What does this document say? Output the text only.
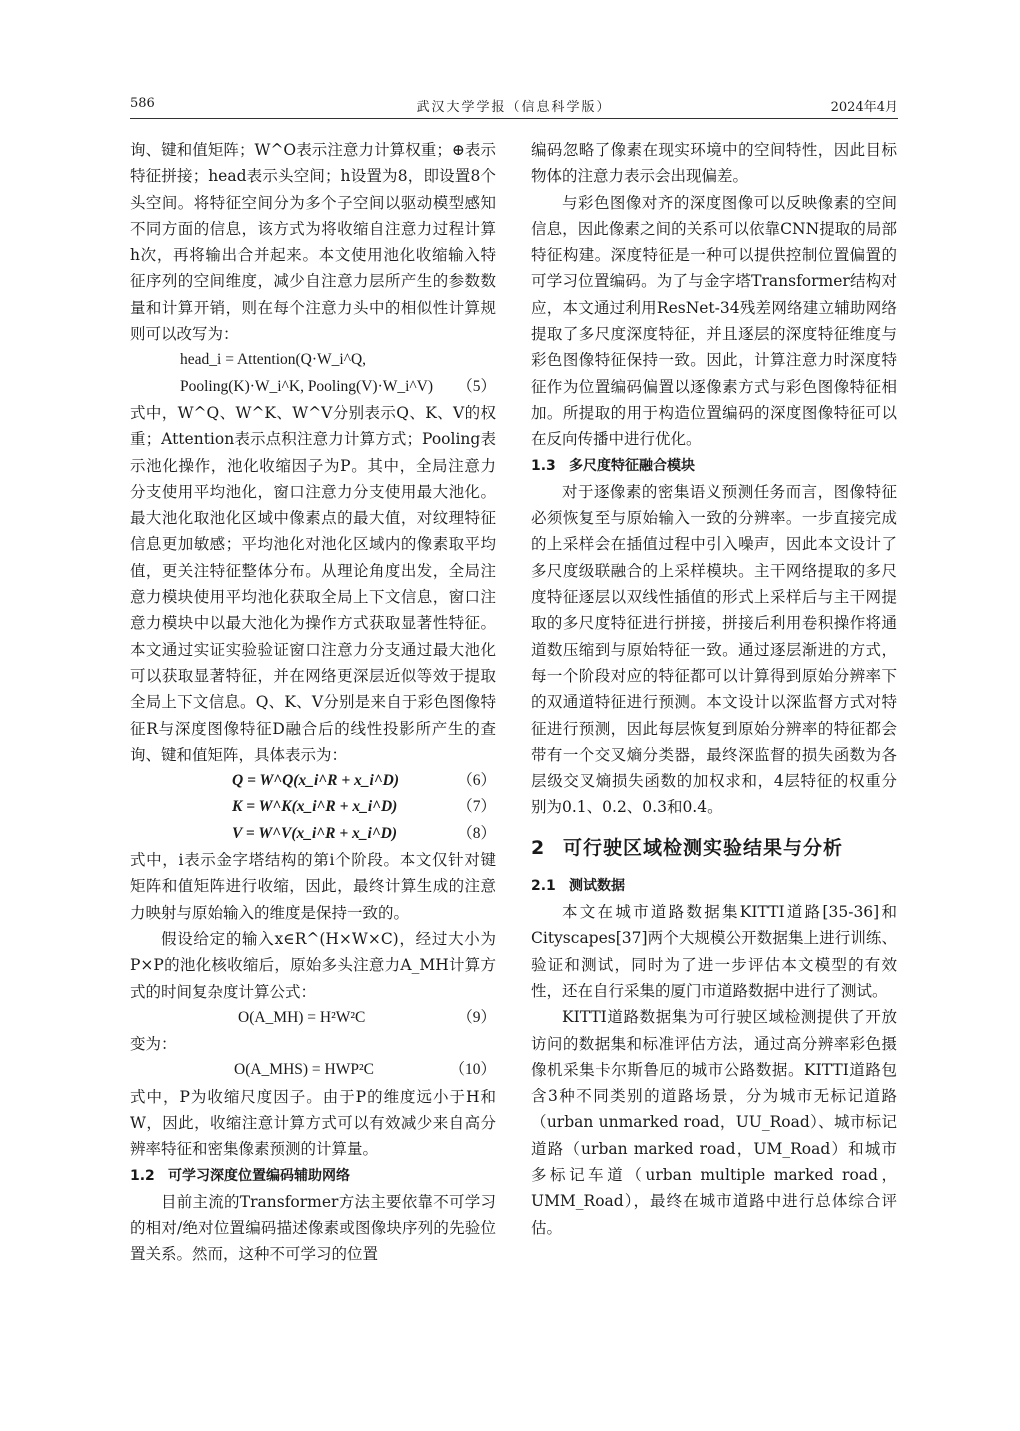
586	武汉大学学报（信息科学版）	2024年4月

询、键和值矩阵；W^O表示注意力计算权重；⊕表示特征拼接；head表示头空间；h设置为8，即设置8个头空间。将特征空间分为多个子空间以驱动模型感知不同方面的信息，该方式为将收缩自注意力过程计算h次，再将输出合并起来。本文使用池化收缩输入特征序列的空间维度，减少自注意力层所产生的参数数量和计算开销，则在每个注意力头中的相似性计算规则可以改写为：

head_i = Attention(Q·W_i^Q,
Pooling(K)·W_i^K, Pooling(V)·W_i^V) （5）

式中，W^Q、W^K、W^V分别表示Q、K、V的权重；Attention表示点积注意力计算方式；Pooling表示池化操作，池化收缩因子为P。其中，全局注意力分支使用平均池化，窗口注意力分支使用最大池化。最大池化取池化区域中像素点的最大值，对纹理特征信息更加敏感；平均池化对池化区域内的像素取平均值，更关注特征整体分布。从理论角度出发，全局注意力模块使用平均池化获取全局上下文信息，窗口注意力模块中以最大池化为操作方式获取显著性特征。本文通过实证实验验证窗口注意力分支通过最大池化可以获取显著特征，并在网络更深层近似等效于提取全局上下文信息。Q、K、V分别是来自于彩色图像特征R与深度图像特征D融合后的线性投影所产生的查询、键和值矩阵，具体表示为：

Q = W^Q(x_i^R + x_i^D)	（6）
K = W^K(x_i^R + x_i^D)	（7）
V = W^V(x_i^R + x_i^D)	（8）

式中，i表示金字塔结构的第i个阶段。本文仅针对键矩阵和值矩阵进行收缩，因此，最终计算生成的注意力映射与原始输入的维度是保持一致的。

假设给定的输入x∈R^(H×W×C)，经过大小为P×P的池化核收缩后，原始多头注意力A_MH计算方式的时间复杂度计算公式：

O(A_MH) = H²W²C	（9）

变为：

O(A_MHS) = HWP²C	（10）

式中，P为收缩尺度因子。由于P的维度远小于H和W，因此，收缩注意计算方式可以有效减少来自高分辨率特征和密集像素预测的计算量。

1.2 可学习深度位置编码辅助网络

目前主流的Transformer方法主要依靠不可学习的相对/绝对位置编码描述像素或图像块序列的先验位置关系。然而，这种不可学习的位置

编码忽略了像素在现实环境中的空间特性，因此目标物体的注意力表示会出现偏差。

与彩色图像对齐的深度图像可以反映像素的空间信息，因此像素之间的关系可以依靠CNN提取的局部特征构建。深度特征是一种可以提供控制位置偏置的可学习位置编码。为了与金字塔Transformer结构对应，本文通过利用ResNet-34残差网络建立辅助网络提取了多尺度深度特征，并且逐层的深度特征维度与彩色图像特征保持一致。因此，计算注意力时深度特征作为位置编码偏置以逐像素方式与彩色图像特征相加。所提取的用于构造位置编码的深度图像特征可以在反向传播中进行优化。

1.3 多尺度特征融合模块

对于逐像素的密集语义预测任务而言，图像特征必须恢复至与原始输入一致的分辨率。一步直接完成的上采样会在插值过程中引入噪声，因此本文设计了多尺度级联融合的上采样模块。主干网络提取的多尺度特征逐层以双线性插值的形式上采样后与主干网提取的多尺度特征进行拼接，拼接后利用卷积操作将通道数压缩到与原始特征一致。通过逐层渐进的方式，每一个阶段对应的特征都可以计算得到原始分辨率下的双通道特征进行预测。本文设计以深监督方式对特征进行预测，因此每层恢复到原始分辨率的特征都会带有一个交叉熵分类器，最终深监督的损失函数为各层级交叉熵损失函数的加权求和，4层特征的权重分别为0.1、0.2、0.3和0.4。

2 可行驶区域检测实验结果与分析

2.1 测试数据

本文在城市道路数据集KITTI道路[35-36]和Cityscapes[37]两个大规模公开数据集上进行训练、验证和测试，同时为了进一步评估本文模型的有效性，还在自行采集的厦门市道路数据中进行了测试。

KITTI道路数据集为可行驶区域检测提供了开放访问的数据集和标准评估方法，通过高分辨率彩色摄像机采集卡尔斯鲁厄的城市公路数据。KITTI道路包含3种不同类别的道路场景，分为城市无标记道路（urban unmarked road，UU_Road）、城市标记道路（urban marked road，UM_Road）和城市多标记车道（urban multiple marked road，UMM_Road），最终在城市道路中进行总体综合评估。
